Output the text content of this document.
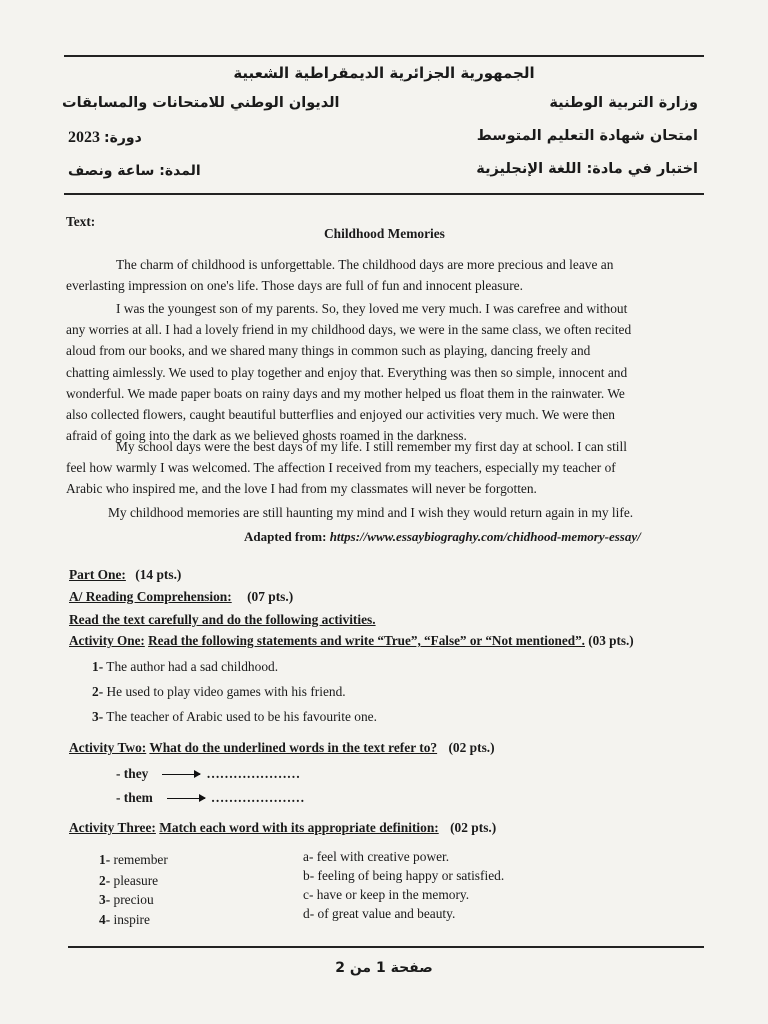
الجمهورية الجزائرية الديمقراطية الشعبية
وزارة التربية الوطنية
الديوان الوطني للامتحانات والمسابقات
امتحان شهادة التعليم المتوسط
دورة: 2023
اختبار في مادة: اللغة الإنجليزية
المدة: ساعة ونصف
Text:
Childhood Memories
The charm of childhood is unforgettable. The childhood days are more precious and leave an
everlasting impression on one's life. Those days are full of fun and innocent pleasure.
I was the youngest son of my parents. So, they loved me very much. I was carefree and without
any worries at all. I had a lovely friend in my childhood days, we were in the same class, we often recited
aloud from our books, and we shared many things in common such as playing, dancing freely and
chatting aimlessly. We used to play together and enjoy that. Everything was then so simple, innocent and
wonderful. We made paper boats on rainy days and my mother helped us float them in the rainwater. We
also collected flowers, caught beautiful butterflies and enjoyed our activities very much. We were then
afraid of going into the dark as we believed ghosts roamed in the darkness.
My school days were the best days of my life. I still remember my first day at school. I can still
feel how warmly I was welcomed. The affection I received from my teachers, especially my teacher of
Arabic who inspired me, and the love I had from my classmates will never be forgotten.
My childhood memories are still haunting my mind and I wish they would return again in my life.
Adapted from: https://www.essaybiograghy.com/chidhood-memory-essay/
Part One: (14 pts.)
A/ Reading Comprehension: (07 pts.)
Read the text carefully and do the following activities.
Activity One: Read the following statements and write “True”, “False” or “Not mentioned”. (03 pts.)
1- The author had a sad childhood.
2- He used to play video games with his friend.
3- The teacher of Arabic used to be his favourite one.
Activity Two: What do the underlined words in the text refer to? (02 pts.)
- they	…………………
- them	…………………
Activity Three: Match each word with its appropriate definition: (02 pts.)
1- remember
2- pleasure
3- preciou
4- inspire
a- feel with creative power.
b- feeling of being happy or satisfied.
c- have or keep in the memory.
d- of great value and beauty.
صفحة 1 من 2
